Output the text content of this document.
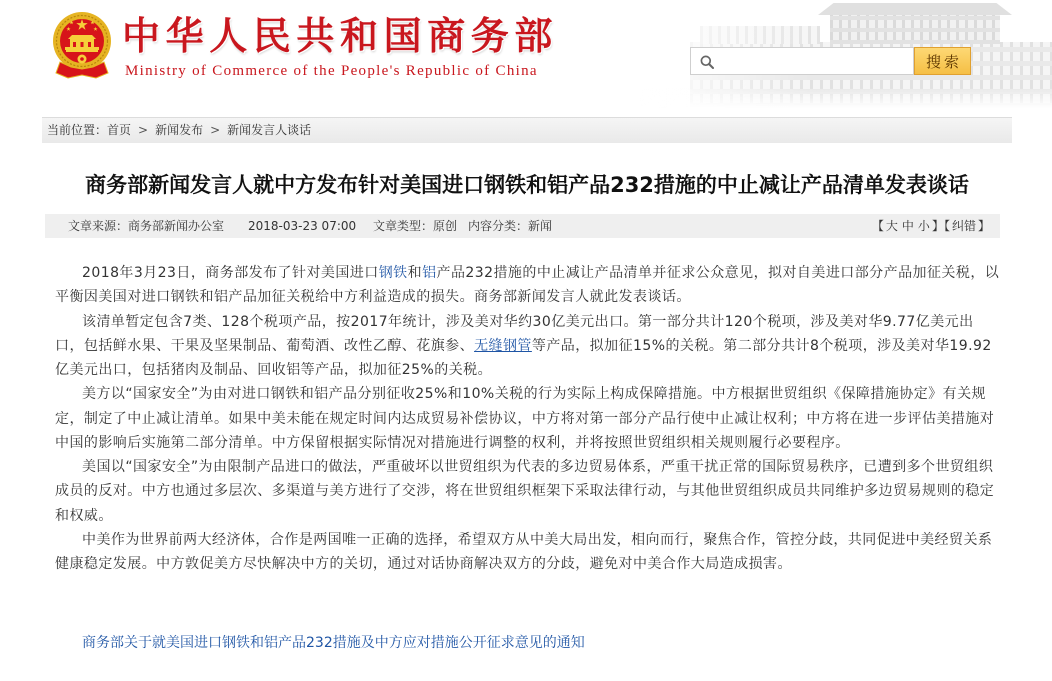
中华人民共和国商务部
Ministry of Commerce of the People's Republic of China
搜索
当前位置：首页 > 新闻发布 > 新闻发言人谈话
商务部新闻发言人就中方发布针对美国进口钢铁和铝产品232措施的中止减让产品清单发表谈话
文章来源：商务部新闻办公室 2018-03-23 07:00 文章类型：原创 内容分类：新闻	【 大 中 小 】【 纠错 】

2018年3月23日，商务部发布了针对美国进口钢铁和铝产品232措施的中止减让产品清单并征求公众意见，拟对自美进口部分产品加征关税，以平衡因美国对进口钢铁和铝产品加征关税给中方利益造成的损失。商务部新闻发言人就此发表谈话。

该清单暂定包含7类、128个税项产品，按2017年统计，涉及美对华约30亿美元出口。第一部分共计120个税项，涉及美对华9.77亿美元出口，包括鲜水果、干果及坚果制品、葡萄酒、改性乙醇、花旗参、无缝钢管等产品，拟加征15%的关税。第二部分共计8个税项，涉及美对华19.92亿美元出口，包括猪肉及制品、回收铝等产品，拟加征25%的关税。

美方以“国家安全”为由对进口钢铁和铝产品分别征收25%和10%关税的行为实际上构成保障措施。中方根据世贸组织《保障措施协定》有关规定，制定了中止减让清单。如果中美未能在规定时间内达成贸易补偿协议，中方将对第一部分产品行使中止减让权利；中方将在进一步评估美措施对中国的影响后实施第二部分清单。中方保留根据实际情况对措施进行调整的权利，并将按照世贸组织相关规则履行必要程序。

美国以“国家安全”为由限制产品进口的做法，严重破坏以世贸组织为代表的多边贸易体系，严重干扰正常的国际贸易秩序，已遭到多个世贸组织成员的反对。中方也通过多层次、多渠道与美方进行了交涉，将在世贸组织框架下采取法律行动，与其他世贸组织成员共同维护多边贸易规则的稳定和权威。

中美作为世界前两大经济体，合作是两国唯一正确的选择，希望双方从中美大局出发，相向而行，聚焦合作，管控分歧，共同促进中美经贸关系健康稳定发展。中方敦促美方尽快解决中方的关切，通过对话协商解决双方的分歧，避免对中美合作大局造成损害。

商务部关于就美国进口钢铁和铝产品232措施及中方应对措施公开征求意见的通知
